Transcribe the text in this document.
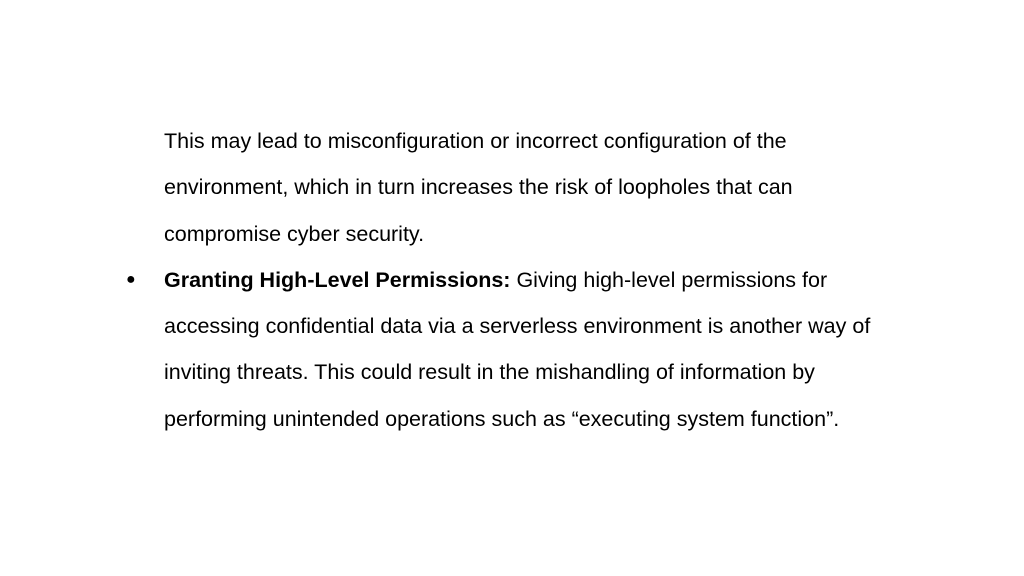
This may lead to misconfiguration or incorrect configuration of the
environment, which in turn increases the risk of loopholes that can
compromise cyber security.
● Granting High-Level Permissions: Giving high-level permissions for
accessing confidential data via a serverless environment is another way of
inviting threats. This could result in the mishandling of information by
performing unintended operations such as “executing system function”.
